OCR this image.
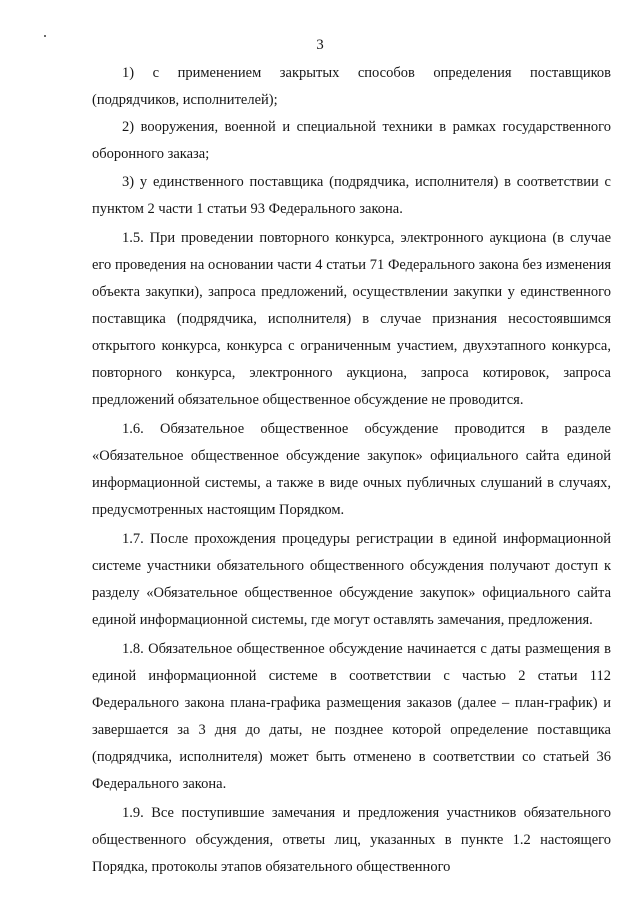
3

1) с применением закрытых способов определения поставщиков (подрядчиков, исполнителей);

2) вооружения, военной и специальной техники в рамках государственного оборонного заказа;

3) у единственного поставщика (подрядчика, исполнителя) в соответствии с пунктом 2 части 1 статьи 93 Федерального закона.

1.5. При проведении повторного конкурса, электронного аукциона (в случае его проведения на основании части 4 статьи 71 Федерального закона без изменения объекта закупки), запроса предложений, осуществлении закупки у единственного поставщика (подрядчика, исполнителя) в случае признания несостоявшимся открытого конкурса, конкурса с ограниченным участием, двухэтапного конкурса, повторного конкурса, электронного аукциона, запроса котировок, запроса предложений обязательное общественное обсуждение не проводится.

1.6. Обязательное общественное обсуждение проводится в разделе «Обязательное общественное обсуждение закупок» официального сайта единой информационной системы, а также в виде очных публичных слушаний в случаях, предусмотренных настоящим Порядком.

1.7. После прохождения процедуры регистрации в единой информационной системе участники обязательного общественного обсуждения получают доступ к разделу «Обязательное общественное обсуждение закупок» официального сайта единой информационной системы, где могут оставлять замечания, предложения.

1.8. Обязательное общественное обсуждение начинается с даты размещения в единой информационной системе в соответствии с частью 2 статьи 112 Федерального закона плана-графика размещения заказов (далее – план-график) и завершается за 3 дня до даты, не позднее которой определение поставщика (подрядчика, исполнителя) может быть отменено в соответствии со статьей 36 Федерального закона.

1.9. Все поступившие замечания и предложения участников обязательного общественного обсуждения, ответы лиц, указанных в пункте 1.2 настоящего Порядка, протоколы этапов обязательного общественного
